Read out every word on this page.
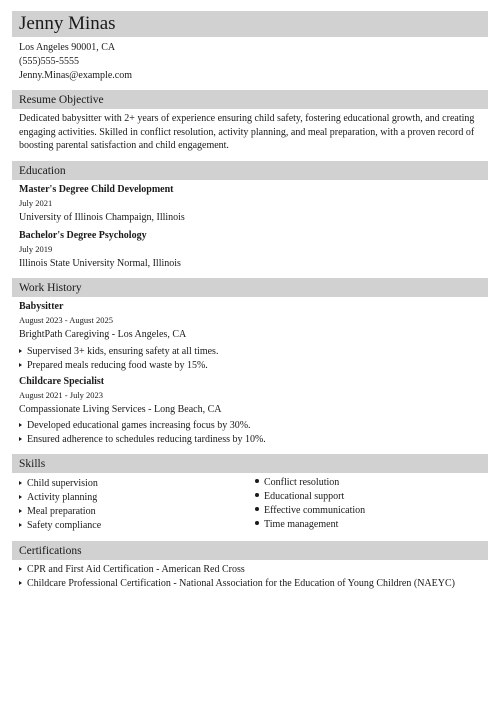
Jenny Minas
Los Angeles 90001, CA
(555)555-5555
Jenny.Minas@example.com
Resume Objective
Dedicated babysitter with 2+ years of experience ensuring child safety, fostering educational growth, and creating engaging activities. Skilled in conflict resolution, activity planning, and meal preparation, with a proven record of boosting parental satisfaction and child engagement.
Education
Master's Degree Child Development
July 2021
University of Illinois Champaign, Illinois
Bachelor's Degree Psychology
July 2019
Illinois State University Normal, Illinois
Work History
Babysitter
August 2023 - August 2025
BrightPath Caregiving - Los Angeles, CA
Supervised 3+ kids, ensuring safety at all times.
Prepared meals reducing food waste by 15%.
Childcare Specialist
August 2021 - July 2023
Compassionate Living Services - Long Beach, CA
Developed educational games increasing focus by 30%.
Ensured adherence to schedules reducing tardiness by 10%.
Skills
Child supervision
Activity planning
Meal preparation
Safety compliance
Conflict resolution
Educational support
Effective communication
Time management
Certifications
CPR and First Aid Certification - American Red Cross
Childcare Professional Certification - National Association for the Education of Young Children (NAEYC)
